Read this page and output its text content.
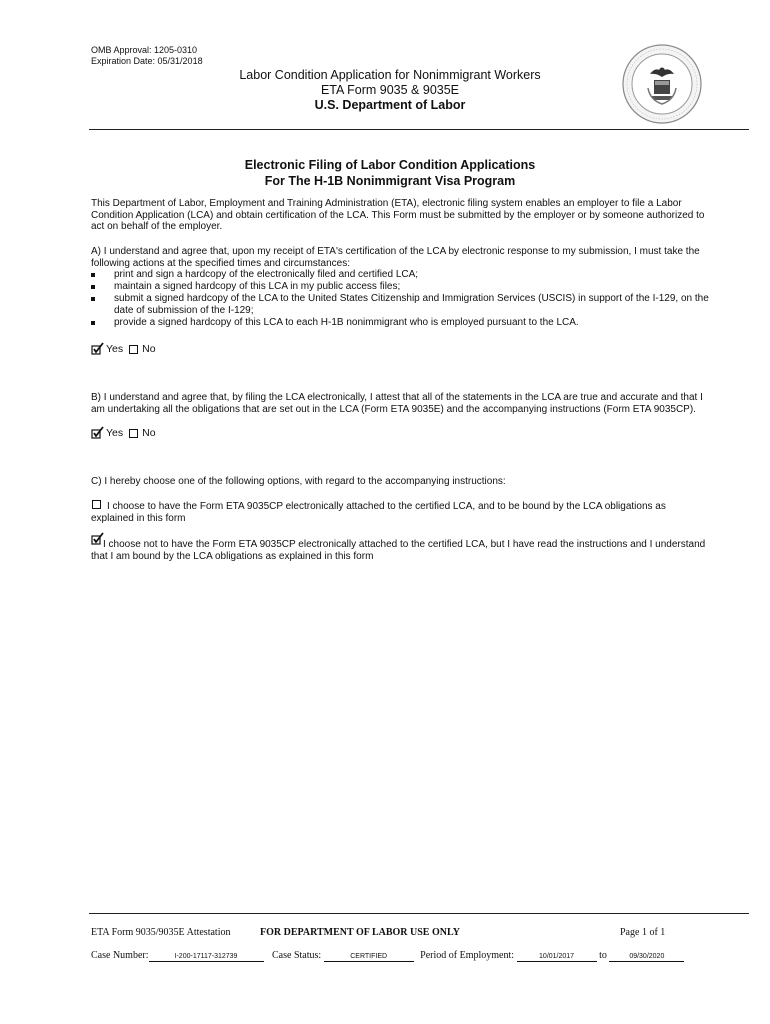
OMB Approval: 1205-0310
Expiration Date: 05/31/2018
Labor Condition Application for Nonimmigrant Workers
ETA Form 9035 & 9035E
U.S. Department of Labor
Electronic Filing of Labor Condition Applications
For The H-1B Nonimmigrant Visa Program
This Department of Labor, Employment and Training Administration (ETA), electronic filing system enables an employer to file a Labor
Condition Application (LCA) and obtain certification of the LCA. This Form must be submitted by the employer or by someone authorized to
act on behalf of the employer.
A) I understand and agree that, upon my receipt of ETA's certification of the LCA by electronic response to my submission, I must take the
following actions at the specified times and circumstances:
print and sign a hardcopy of the electronically filed and certified LCA;
maintain a signed hardcopy of this LCA in my public access files;
submit a signed hardcopy of the LCA to the United States Citizenship and Immigration Services (USCIS) in support of the I-129, on the
date of submission of the I-129;
provide a signed hardcopy of this LCA to each H-1B nonimmigrant who is employed pursuant to the LCA.
Yes No
B) I understand and agree that, by filing the LCA electronically, I attest that all of the statements in the LCA are true and accurate and that I
am undertaking all the obligations that are set out in the LCA (Form ETA 9035E) and the accompanying instructions (Form ETA 9035CP).
Yes No
C) I hereby choose one of the following options, with regard to the accompanying instructions:
I choose to have the Form ETA 9035CP electronically attached to the certified LCA, and to be bound by the LCA obligations as
explained in this form
I choose not to have the Form ETA 9035CP electronically attached to the certified LCA, but I have read the instructions and I understand
that I am bound by the LCA obligations as explained in this form
ETA Form 9035/9035E Attestation	FOR DEPARTMENT OF LABOR USE ONLY	Page 1 of 1
Case Number:	I-200-17117-312739	Case Status:	CERTIFIED	Period of Employment:	10/01/2017 to	09/30/2020
